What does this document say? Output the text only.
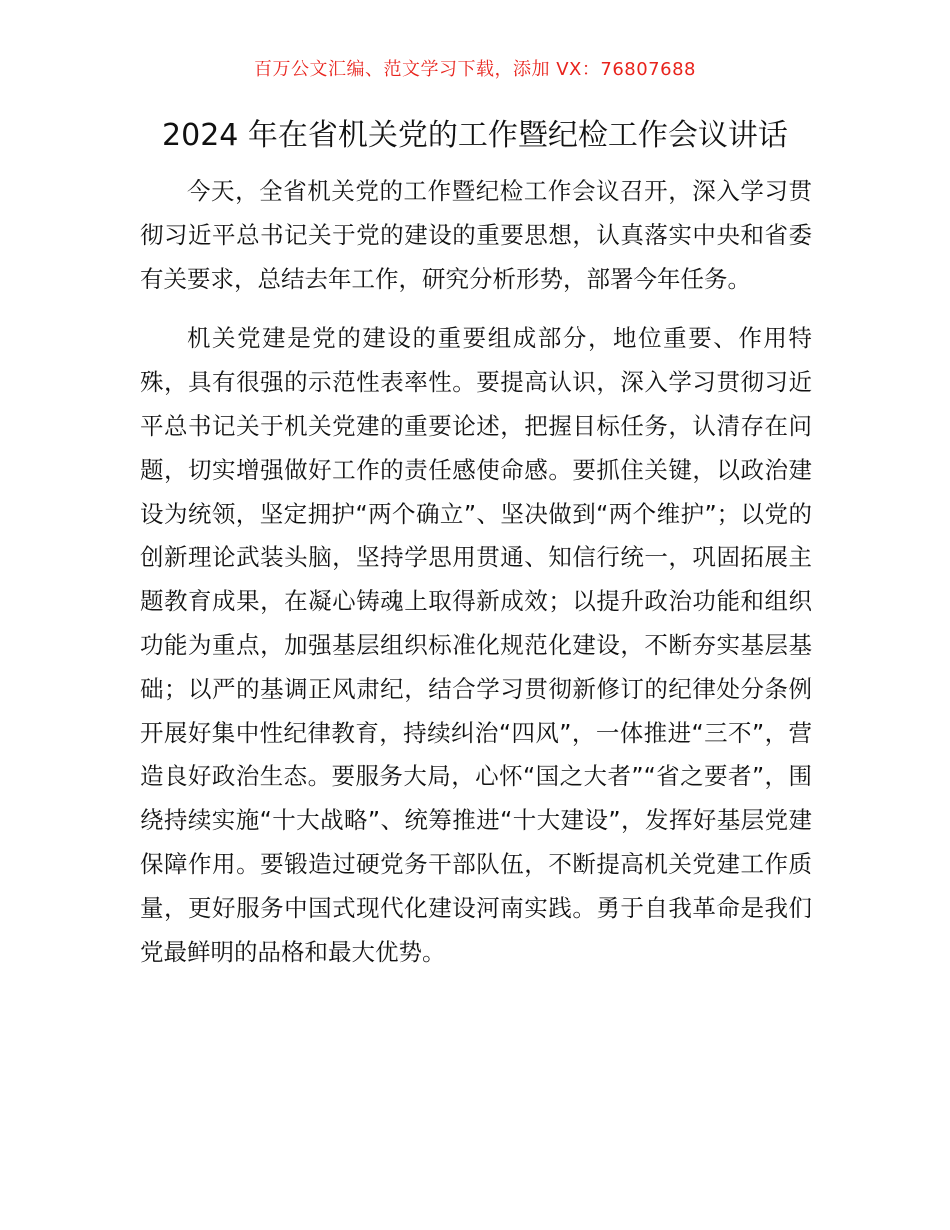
百万公文汇编、范文学习下载，添加 VX：76807688
2024 年在省机关党的工作暨纪检工作会议讲话

今天，全省机关党的工作暨纪检工作会议召开，深入学习贯彻习近平总书记关于党的建设的重要思想，认真落实中央和省委有关要求，总结去年工作，研究分析形势，部署今年任务。

机关党建是党的建设的重要组成部分，地位重要、作用特殊，具有很强的示范性表率性。要提高认识，深入学习贯彻习近平总书记关于机关党建的重要论述，把握目标任务，认清存在问题，切实增强做好工作的责任感使命感。要抓住关键，以政治建设为统领，坚定拥护“两个确立”、坚决做到“两个维护”；以党的创新理论武装头脑，坚持学思用贯通、知信行统一，巩固拓展主题教育成果，在凝心铸魂上取得新成效；以提升政治功能和组织功能为重点，加强基层组织标准化规范化建设，不断夯实基层基础；以严的基调正风肃纪，结合学习贯彻新修订的纪律处分条例开展好集中性纪律教育，持续纠治“四风”，一体推进“三不”，营造良好政治生态。要服务大局，心怀“国之大者”“省之要者”，围绕持续实施“十大战略”、统筹推进“十大建设”，发挥好基层党建保障作用。要锻造过硬党务干部队伍，不断提高机关党建工作质量，更好服务中国式现代化建设河南实践。勇于自我革命是我们党最鲜明的品格和最大优势。
